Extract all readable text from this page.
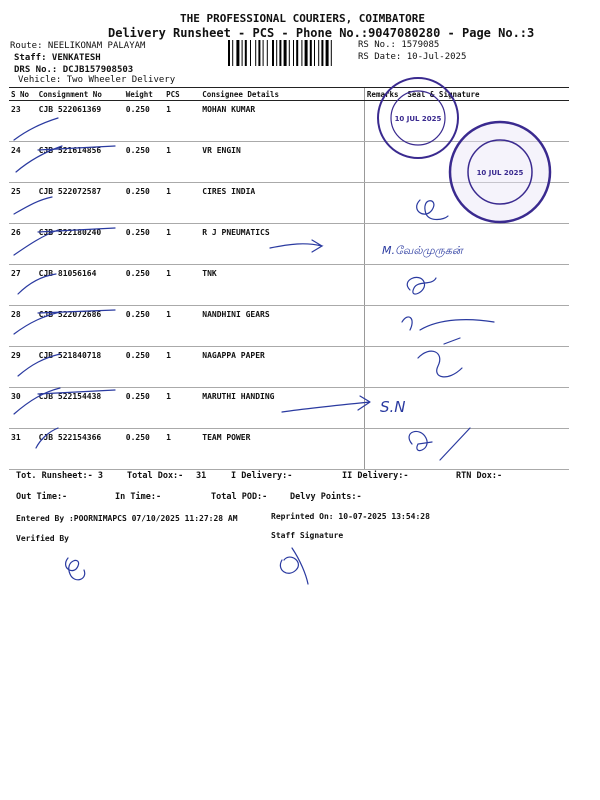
THE PROFESSIONAL COURIERS, COIMBATORE
Delivery Runsheet - PCS - Phone No.:9047080280 - Page No.:3
Route: NEELIKONAM PALAYAM
Staff: VENKATESH
DRS No.: DCJB157908503
Vehicle: Two Wheeler Delivery
RS No.: 1579085
RS Date: 10-Jul-2025
S No	Consignment No	Weight	PCS	Consignee Details	Remarks	Seal & Signature
23	CJB 522061369	0.250	1	MOHAN KUMAR		
24	CJB 521614856	0.250	1	VR ENGIN		
25	CJB 522072587	0.250	1	CIRES INDIA		
26	CJB 522180240	0.250	1	R J PNEUMATICS		
27	CJB 81056164	0.250	1	TNK		
28	CJB 522072686	0.250	1	NANDHINI GEARS		
29	CJB 521840718	0.250	1	NAGAPPA PAPER		
30	CJB 522154438	0.250	1	MARUTHI HANDING		
31	CJB 522154366	0.250	1	TEAM POWER		
M.வேல்முருகன்
S.N
10 JUL 2025
10 JUL 2025
Tot. Runsheet:- 3	Total Dox:- 31	I Delivery:-	II Delivery:-	RTN Dox:-
Out Time:-	In Time:-	Total POD:-	Delvy Points:-
Entered By :POORNIMAPCS 07/10/2025 11:27:28 AM	Reprinted On: 10-07-2025 13:54:28
Verified By	Staff Signature
